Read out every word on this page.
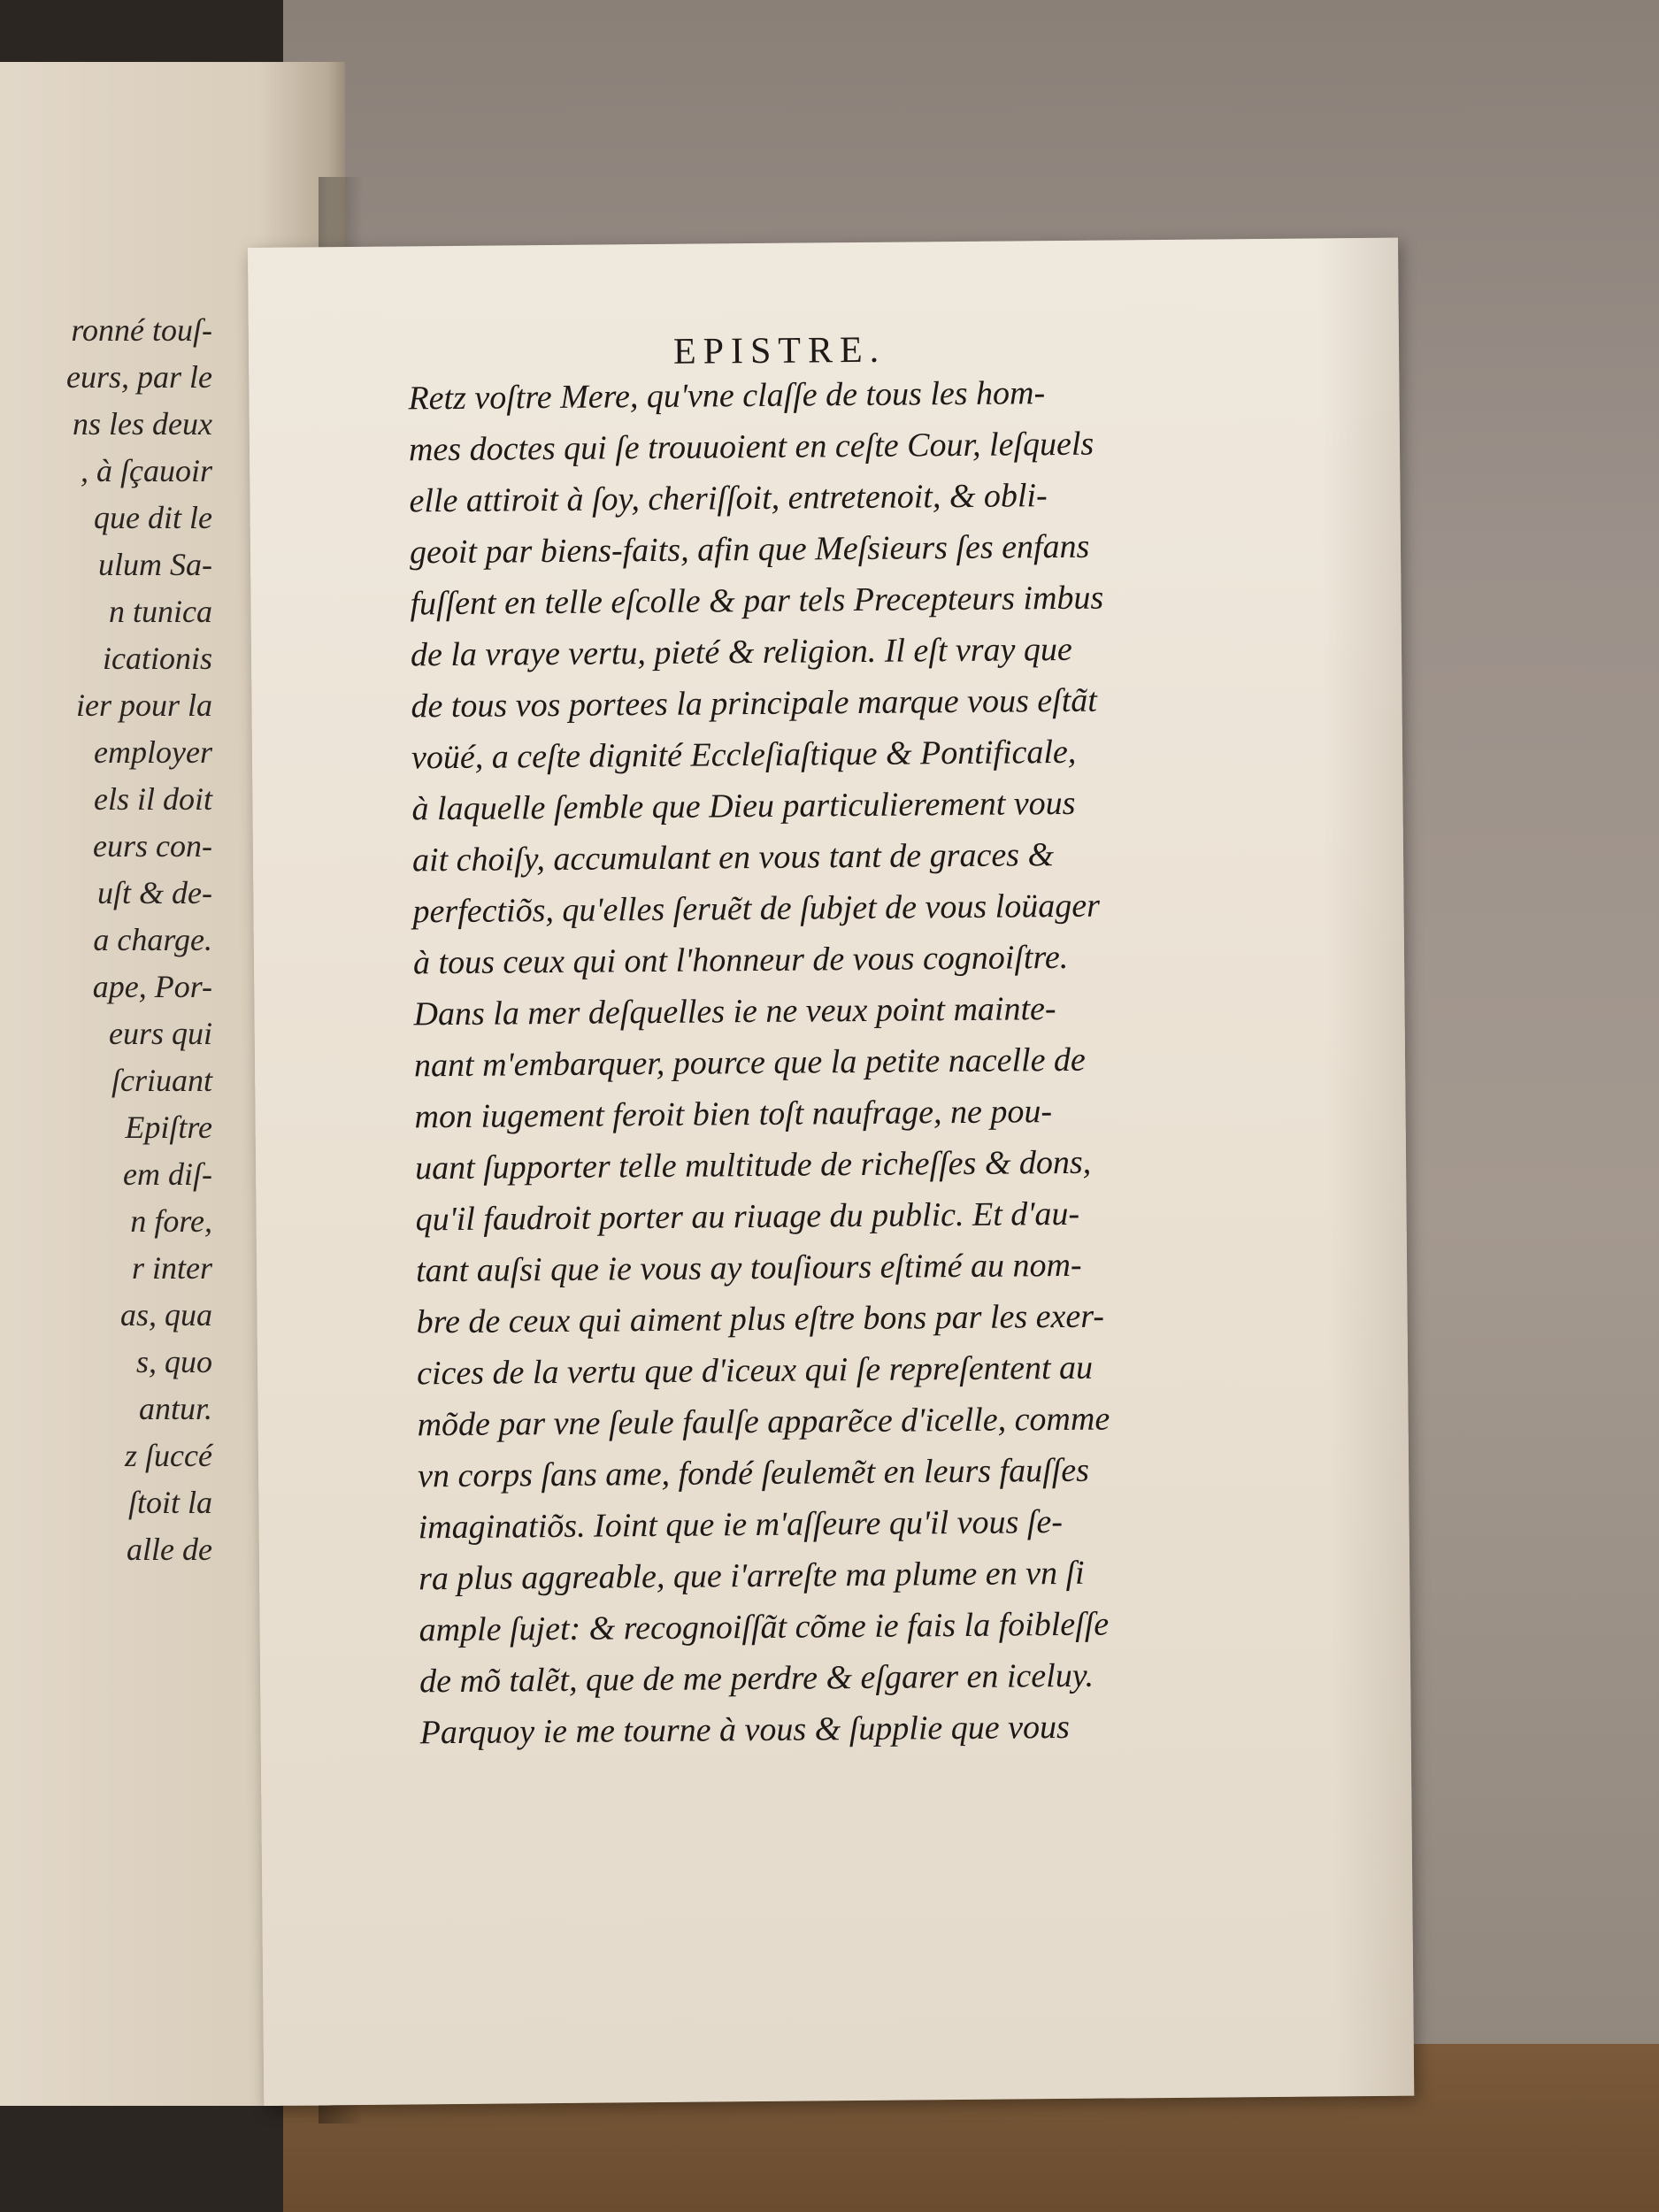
ronné touſ-
eurs, par le
ns les deux
, à ſçauoir
que dit le
ulum Sa-
n tunica
icationis
ier pour la
employer
els il doit
eurs con-
uſt & de-
a charge.
ape, Por-
eurs qui
ſcriuant
Epiſtre
em diſ-
n fore,
r inter
as, qua
s, quo
antur.
z ſuccé
ſtoit la
alle de
EPISTRE.
Retz voſtre Mere, qu'vne claſſe de tous les hom-
mes doctes qui ſe trouuoient en ceſte Cour, leſquels
elle attiroit à ſoy, cheriſſoit, entretenoit, & obli-
geoit par biens-faits, afin que Meſsieurs ſes enfans
fuſſent en telle eſcolle & par tels Precepteurs imbus
de la vraye vertu, pieté & religion. Il eſt vray que
de tous vos portees la principale marque vous eſtãt
voüé, a ceſte dignité Eccleſiaſtique & Pontificale,
à laquelle ſemble que Dieu particulierement vous
ait choiſy, accumulant en vous tant de graces &
perfectiõs, qu'elles ſeruẽt de ſubjet de vous loüager
à tous ceux qui ont l'honneur de vous cognoiſtre.
Dans la mer deſquelles ie ne veux point mainte-
nant m'embarquer, pource que la petite nacelle de
mon iugement feroit bien toſt naufrage, ne pou-
uant ſupporter telle multitude de richeſſes & dons,
qu'il faudroit porter au riuage du public. Et d'au-
tant auſsi que ie vous ay touſiours eſtimé au nom-
bre de ceux qui aiment plus eſtre bons par les exer-
cices de la vertu que d'iceux qui ſe repreſentent au
mõde par vne ſeule faulſe apparẽce d'icelle, comme
vn corps ſans ame, fondé ſeulemẽt en leurs fauſſes
imaginatiõs. Ioint que ie m'aſſeure qu'il vous ſe-
ra plus aggreable, que i'arreſte ma plume en vn ſi
ample ſujet: & recognoiſſãt cõme ie fais la foibleſſe
de mõ talẽt, que de me perdre & eſgarer en iceluy.
Parquoy ie me tourne à vous & ſupplie que vous
